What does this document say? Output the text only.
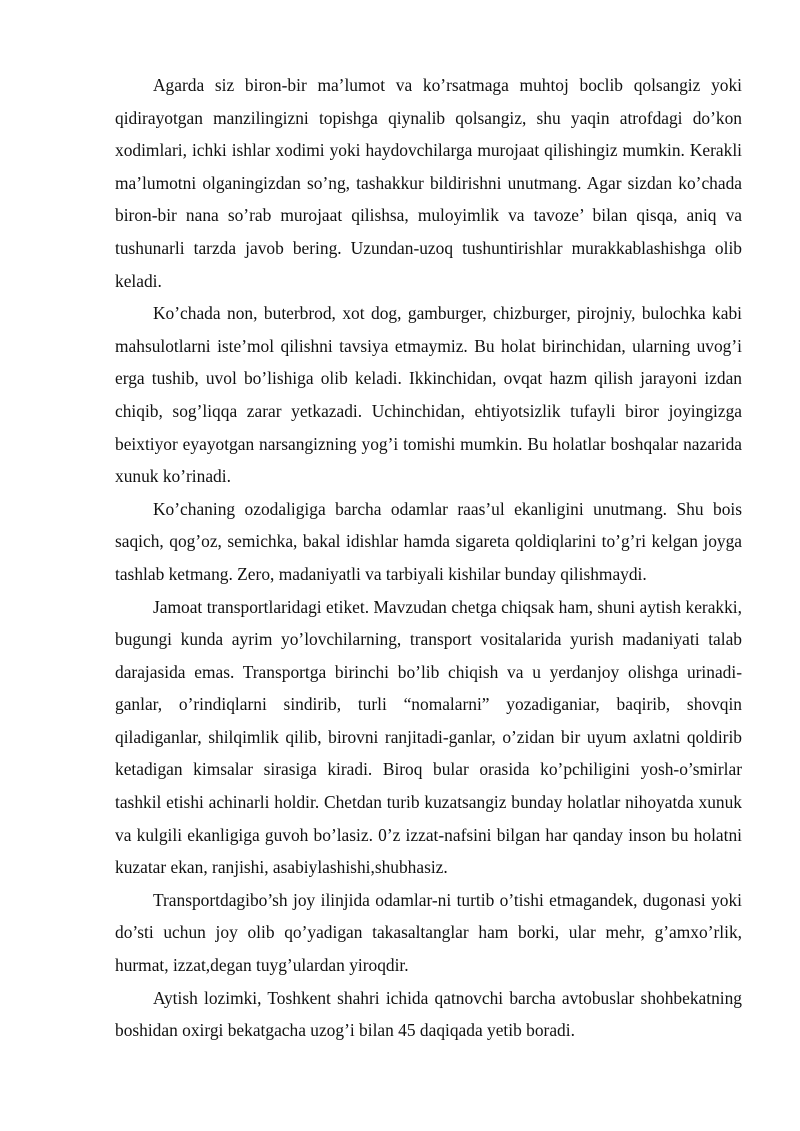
Agarda siz biron-bir ma’lumot va ko’rsatmaga muhtoj boclib qolsangiz yoki qidirayotgan manzilingizni topishga qiynalib qolsangiz, shu yaqin atrofdagi do’kon xodimlari, ichki ishlar xodimi yoki haydovchilarga murojaat qilishingiz mumkin. Kerakli ma’lumotni olganingizdan so’ng, tashakkur bildirishni unutmang. Agar sizdan ko’chada biron-bir nana so’rab murojaat qilishsa, muloyimlik va tavoze’ bilan qisqa, aniq va tushunarli tarzda javob bering. Uzundan-uzoq tushuntirishlar murakkablashishga olib keladi.

Ko’chada non, buterbrod, xot dog, gamburger, chizburger, pirojniy, bulochka kabi mahsulotlarni iste’mol qilishni tavsiya etmaymiz. Bu holat birinchidan, ularning uvog’i erga tushib, uvol bo’lishiga olib keladi. Ikkinchidan, ovqat hazm qilish jarayoni izdan chiqib, sog’liqqa zarar yetkazadi. Uchinchidan, ehtiyotsizlik tufayli biror joyingizga beixtiyor eyayotgan narsangizning yog’i tomishi mumkin. Bu holatlar boshqalar nazarida xunuk ko’rinadi.

Ko’chaning ozodaligiga barcha odamlar raas’ul ekanligini unutmang. Shu bois saqich, qog’oz, semichka, bakal idishlar hamda sigareta qoldiqlarini to’g’ri kelgan joyga tashlab ketmang. Zero, madaniyatli va tarbiyali kishilar bunday qilishmaydi.

Jamoat transportlaridagi etiket. Mavzudan chetga chiqsak ham, shuni aytish kerakki, bugungi kunda ayrim yo’lovchilarning, transport vositalarida yurish madaniyati talab darajasida emas. Transportga birinchi bo’lib chiqish va u yerdanjoy olishga urinadi-ganlar, o’rindiqlarni sindirib, turli “nomalarni” yozadiganiar, baqirib, shovqin qiladiganlar, shilqimlik qilib, birovni ranjitadi-ganlar, o’zidan bir uyum axlatni qoldirib ketadigan kimsalar sirasiga kiradi. Biroq bular orasida ko’pchiligini yosh-o’smirlar tashkil etishi achinarli holdir. Chetdan turib kuzatsangiz bunday holatlar nihoyatda xunuk va kulgili ekanligiga guvoh bo’lasiz. 0’z izzat-nafsini bilgan har qanday inson bu holatni kuzatar ekan, ranjishi, asabiylashishi,shubhasiz.

Transportdagibo’sh joy ilinjida odamlar-ni turtib o’tishi etmagandek, dugonasi yoki do’sti uchun joy olib qo’yadigan takasaltanglar ham borki, ular mehr, g’amxo’rlik, hurmat, izzat,degan tuyg’ulardan yiroqdir.

Aytish lozimki, Toshkent shahri ichida qatnovchi barcha avtobuslar shohbekatning boshidan oxirgi bekatgacha uzog’i bilan 45 daqiqada yetib boradi.
